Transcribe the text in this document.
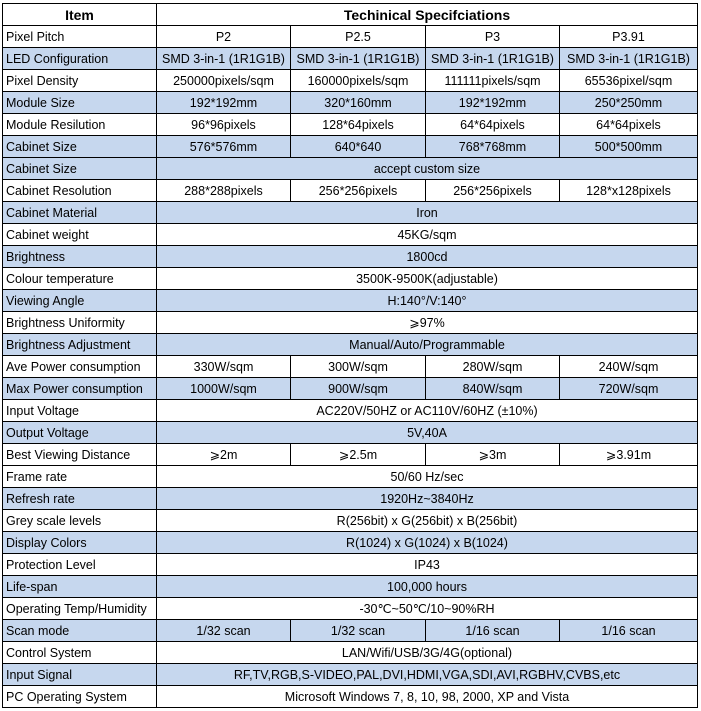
Item	Techinical Specifciations			
Pixel Pitch	P2	P2.5	P3	P3.91
LED Configuration	SMD 3-in-1 (1R1G1B)	SMD 3-in-1 (1R1G1B)	SMD 3-in-1 (1R1G1B)	SMD 3-in-1 (1R1G1B)
Pixel Density	250000pixels/sqm	160000pixels/sqm	111111pixels/sqm	65536pixel/sqm
Module Size	192*192mm	320*160mm	192*192mm	250*250mm
Module Resilution	96*96pixels	128*64pixels	64*64pixels	64*64pixels
Cabinet Size	576*576mm	640*640	768*768mm	500*500mm
Cabinet Size	accept custom size			
Cabinet Resolution	288*288pixels	256*256pixels	256*256pixels	128*x128pixels
Cabinet Material	Iron			
Cabinet weight	45KG/sqm			
Brightness	1800cd			
Colour temperature	3500K-9500K(adjustable)			
Viewing Angle	H:140°/V:140°			
Brightness Uniformity	⩾97%			
Brightness Adjustment	Manual/Auto/Programmable			
Ave Power consumption	330W/sqm	300W/sqm	280W/sqm	240W/sqm
Max Power consumption	1000W/sqm	900W/sqm	840W/sqm	720W/sqm
Input Voltage	AC220V/50HZ or AC110V/60HZ (±10%)			
Output Voltage	5V,40A			
Best Viewing Distance	⩾2m	⩾2.5m	⩾3m	⩾3.91m
Frame rate	50/60 Hz/sec			
Refresh rate	1920Hz~3840Hz			
Grey scale levels	R(256bit) x G(256bit) x B(256bit)			
Display Colors	R(1024) x G(1024) x B(1024)			
Protection Level	IP43			
Life-span	100,000 hours			
Operating Temp/Humidity	-30℃~50℃/10~90%RH			
Scan mode	1/32 scan	1/32 scan	1/16 scan	1/16 scan
Control System	LAN/Wifi/USB/3G/4G(optional)			
Input Signal	RF,TV,RGB,S-VIDEO,PAL,DVI,HDMI,VGA,SDI,AVI,RGBHV,CVBS,etc			
PC Operating System	Microsoft Windows 7, 8, 10, 98, 2000, XP and Vista			
